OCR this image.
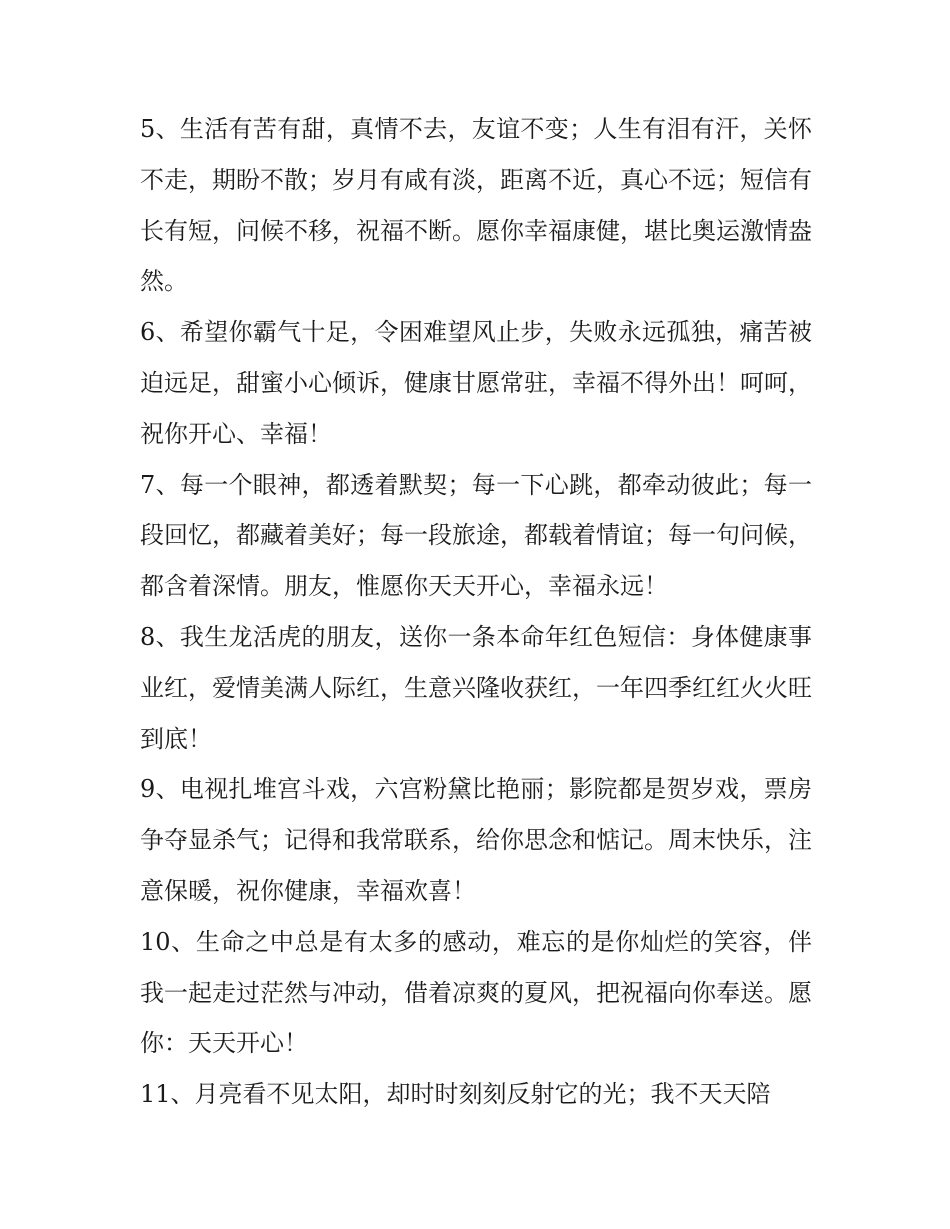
5、生活有苦有甜，真情不去，友谊不变；人生有泪有汗，关怀不走，期盼不散；岁月有咸有淡，距离不近，真心不远；短信有长有短，问候不移，祝福不断。愿你幸福康健，堪比奥运激情盎然。

6、希望你霸气十足，令困难望风止步，失败永远孤独，痛苦被迫远足，甜蜜小心倾诉，健康甘愿常驻，幸福不得外出！呵呵，祝你开心、幸福！

7、每一个眼神，都透着默契；每一下心跳，都牵动彼此；每一段回忆，都藏着美好；每一段旅途，都载着情谊；每一句问候，都含着深情。朋友，惟愿你天天开心，幸福永远！

8、我生龙活虎的朋友，送你一条本命年红色短信：身体健康事业红，爱情美满人际红，生意兴隆收获红，一年四季红红火火旺到底！

9、电视扎堆宫斗戏，六宫粉黛比艳丽；影院都是贺岁戏，票房争夺显杀气；记得和我常联系，给你思念和惦记。周末快乐，注意保暖，祝你健康，幸福欢喜！

10、生命之中总是有太多的感动，难忘的是你灿烂的笑容，伴我一起走过茫然与冲动，借着凉爽的夏风，把祝福向你奉送。愿你：天天开心！

11、月亮看不见太阳，却时时刻刻反射它的光；我不天天陪
